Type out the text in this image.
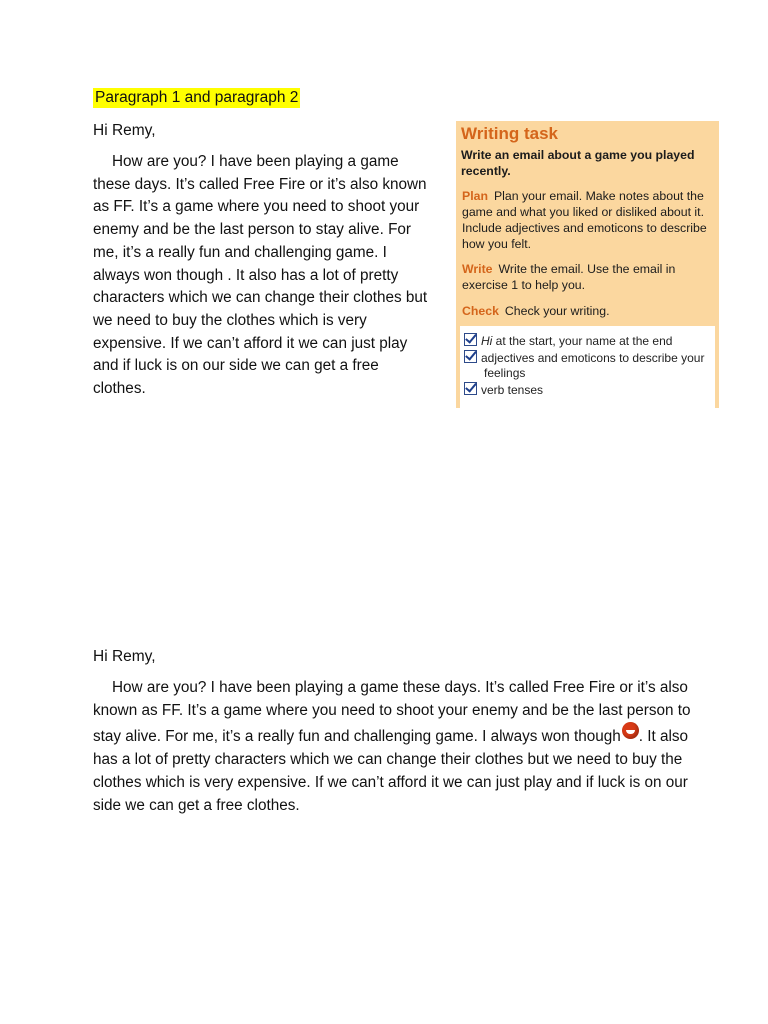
Paragraph 1 and paragraph 2
Hi Remy,

How are you? I have been playing a game these days. It’s called Free Fire or it’s also known as FF. It’s a game where you need to shoot your enemy and be the last person to stay alive. For me, it’s a really fun and challenging game. I always won though . It also has a lot of pretty characters which we can change their clothes but we need to buy the clothes which is very expensive. If we can’t afford it we can just play and if luck is on our side we can get a free clothes.

Writing task
Write an email about a game you played recently.
Plan Plan your email. Make notes about the game and what you liked or disliked about it. Include adjectives and emoticons to describe how you felt.
Write Write the email. Use the email in exercise 1 to help you.
Check Check your writing.
Hi at the start, your name at the end
adjectives and emoticons to describe your feelings
verb tenses
Hi Remy,

How are you? I have been playing a game these days. It’s called Free Fire or it’s also known as FF. It’s a game where you need to shoot your enemy and be the last person to stay alive. For me, it’s a really fun and challenging game. I always won though . It also has a lot of pretty characters which we can change their clothes but we need to buy the clothes which is very expensive. If we can’t afford it we can just play and if luck is on our side we can get a free clothes.
